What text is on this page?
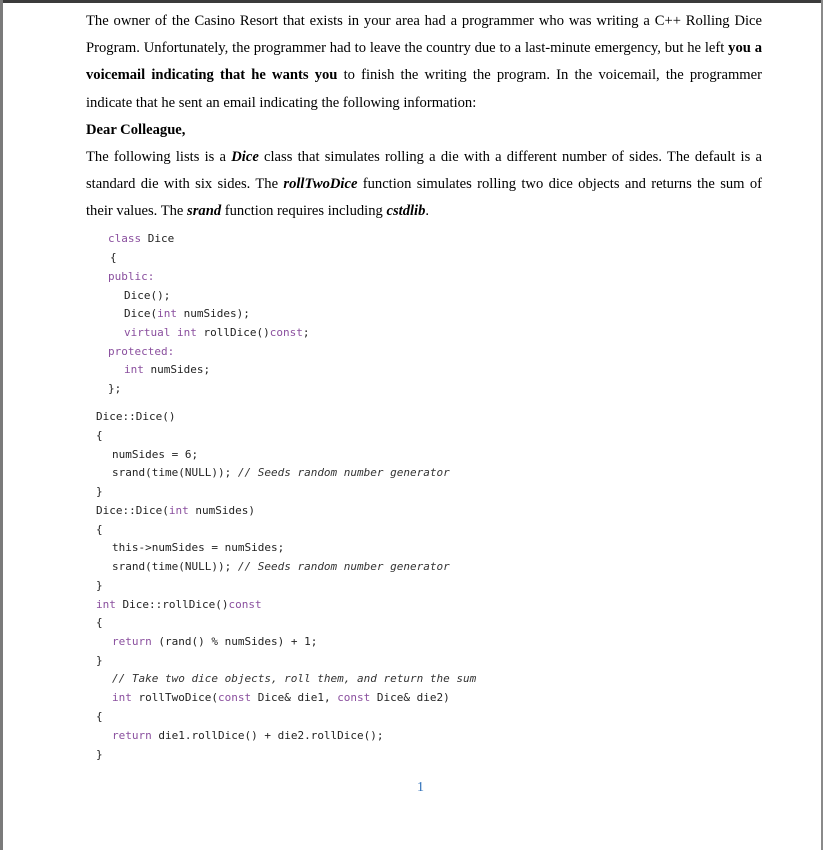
The owner of the Casino Resort that exists in your area had a programmer who was writing a C++ Rolling Dice Program. Unfortunately, the programmer had to leave the country due to a last-minute emergency, but he left you a voicemail indicating that he wants you to finish the writing the program. In the voicemail, the programmer indicate that he sent an email indicating the following information:

Dear Colleague,

The following lists is a Dice class that simulates rolling a die with a different number of sides. The default is a standard die with six sides. The rollTwoDice function simulates rolling two dice objects and returns the sum of their values. The srand function requires including cstdlib.

class Dice
{
public:
Dice();
Dice(int numSides);
virtual int rollDice()const;
protected:
int numSides;
};
Dice::Dice()
{
numSides = 6;
srand(time(NULL)); // Seeds random number generator
}
Dice::Dice(int numSides)
{
this->numSides = numSides;
srand(time(NULL)); // Seeds random number generator
}
int Dice::rollDice()const
{
return (rand() % numSides) + 1;
}
// Take two dice objects, roll them, and return the sum
int rollTwoDice(const Dice& die1, const Dice& die2)
{
return die1.rollDice() + die2.rollDice();
}
1
